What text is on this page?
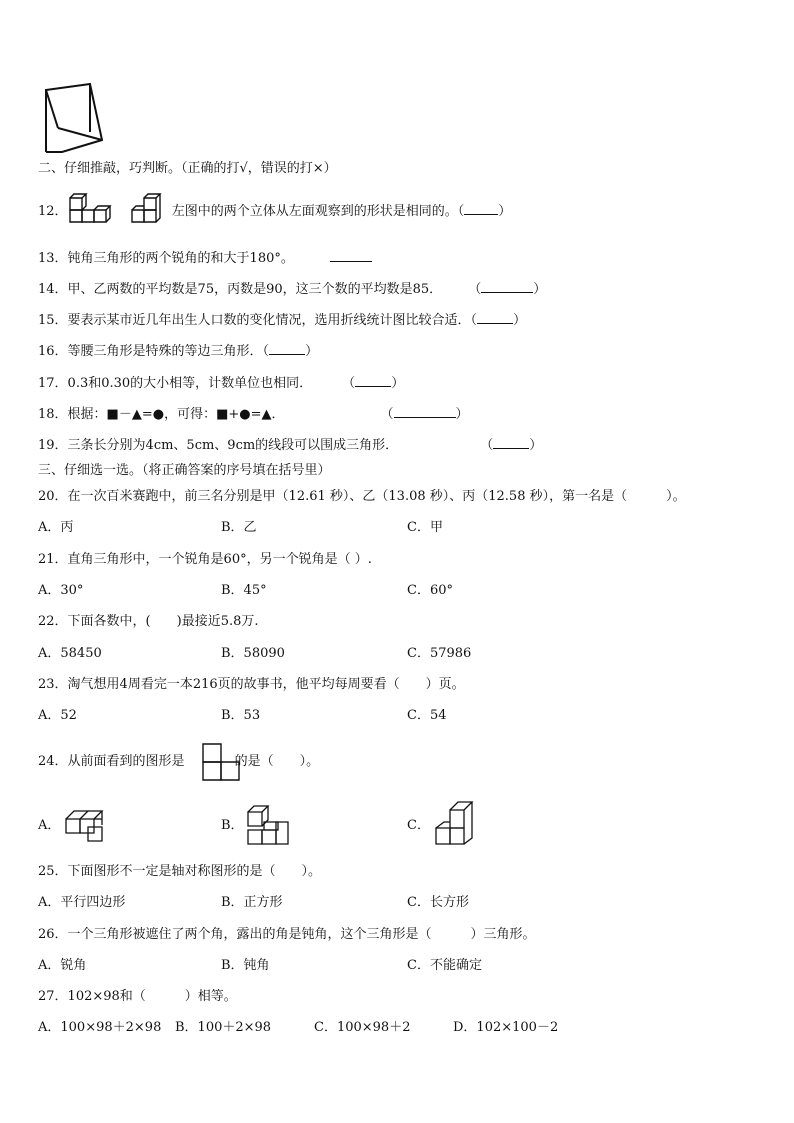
二、仔细推敲，巧判断。（正确的打√，错误的打×）
12．	左图中的两个立体从左面观察到的形状是相同的。（	）
13．钝角三角形的两个锐角的和大于180°。
14．甲、乙两数的平均数是75，丙数是90，这三个数的平均数是85． （	）
15．要表示某市近几年出生人口数的变化情况，选用折线统计图比较合适．（	）
16．等腰三角形是特殊的等边三角形．（	）
17．0.3和0.30的大小相等，计数单位也相同． （	）
18．根据：■－▲=●，可得：■+●=▲．	（	）
19．三条长分别为4cm、5cm、9cm的线段可以围成三角形．	（	）
三、仔细选一选。（将正确答案的序号填在括号里）
20．在一次百米赛跑中，前三名分别是甲（12.61 秒）、乙（13.08 秒）、丙（12.58 秒），第一名是（　　　）。
A．丙	B．乙	C．甲
21．直角三角形中，一个锐角是60°，另一个锐角是（ ）.
A．30°	B．45°	C．60°
22．下面各数中，(　　)最接近5.8万.
A．58450	B．58090	C．57986
23．淘气想用4周看完一本216页的故事书，他平均每周要看（　　）页。
A．52	B．53	C．54
24．从前面看到的图形是	的是（　　）。
A．	B．	C．
25．下面图形不一定是轴对称图形的是（　　）。
A．平行四边形	B．正方形	C．长方形
26．一个三角形被遮住了两个角，露出的角是钝角，这个三角形是（　　　）三角形。
A．锐角	B．钝角	C．不能确定
27．102×98和（　　　）相等。
A．100×98＋2×98 B．100＋2×98	C．100×98＋2	D．102×100－2
